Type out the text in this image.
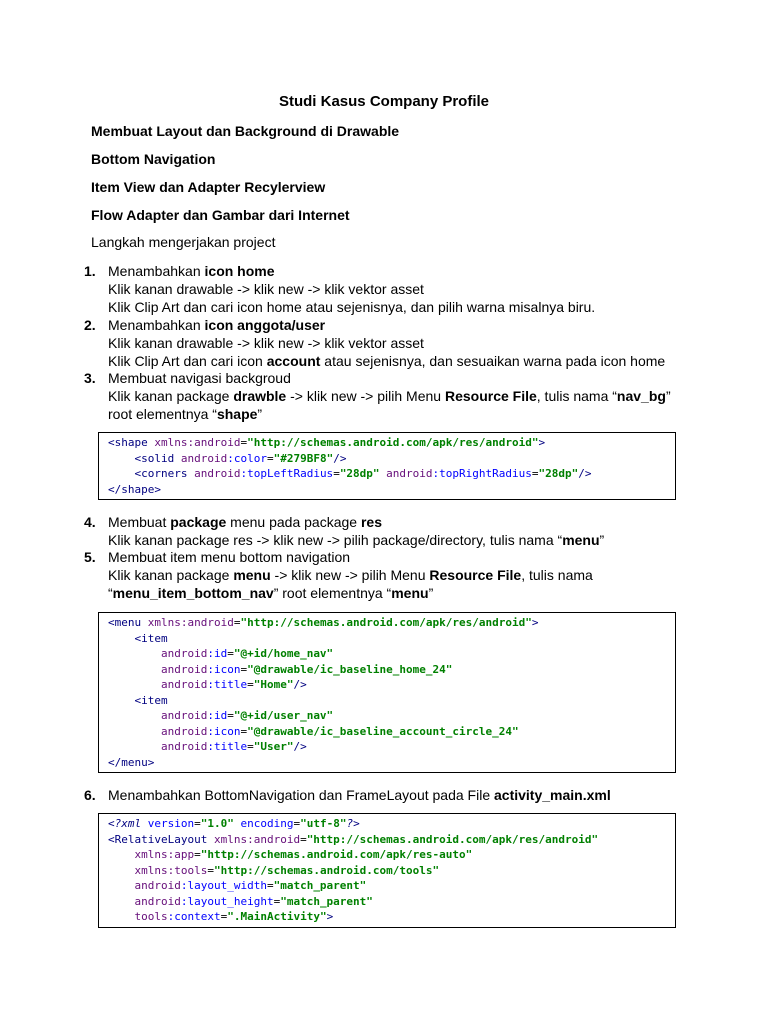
Studi Kasus Company Profile

Membuat Layout dan Background di Drawable

Bottom Navigation

Item View dan Adapter Recylerview

Flow Adapter dan Gambar dari Internet

Langkah mengerjakan project
1. Menambahkan icon home
Klik kanan drawable -> klik new -> klik vektor asset
Klik Clip Art dan cari icon home atau sejenisnya, dan pilih warna misalnya biru.
2. Menambahkan icon anggota/user
Klik kanan drawable -> klik new -> klik vektor asset
Klik Clip Art dan cari icon account atau sejenisnya, dan sesuaikan warna pada icon home
3. Membuat navigasi backgroud
Klik kanan package drawble -> klik new -> pilih Menu Resource File, tulis nama “nav_bg”
root elementnya “shape”
<shape xmlns:android="http://schemas.android.com/apk/res/android">
<solid android:color="#279BF8"/>
<corners android:topLeftRadius="28dp" android:topRightRadius="28dp"/>
</shape>
4. Membuat package menu pada package res
Klik kanan package res -> klik new -> pilih package/directory, tulis nama “menu”
5. Membuat item menu bottom navigation
Klik kanan package menu -> klik new -> pilih Menu Resource File, tulis nama
“menu_item_bottom_nav” root elementnya “menu”
<menu xmlns:android="http://schemas.android.com/apk/res/android">
<item
android:id="@+id/home_nav"
android:icon="@drawable/ic_baseline_home_24"
android:title="Home"/>
<item
android:id="@+id/user_nav"
android:icon="@drawable/ic_baseline_account_circle_24"
android:title="User"/>
</menu>
6. Menambahkan BottomNavigation dan FrameLayout pada File activity_main.xml
<?xml version="1.0" encoding="utf-8"?>
<RelativeLayout xmlns:android="http://schemas.android.com/apk/res/android"
xmlns:app="http://schemas.android.com/apk/res-auto"
xmlns:tools="http://schemas.android.com/tools"
android:layout_width="match_parent"
android:layout_height="match_parent"
tools:context=".MainActivity">
